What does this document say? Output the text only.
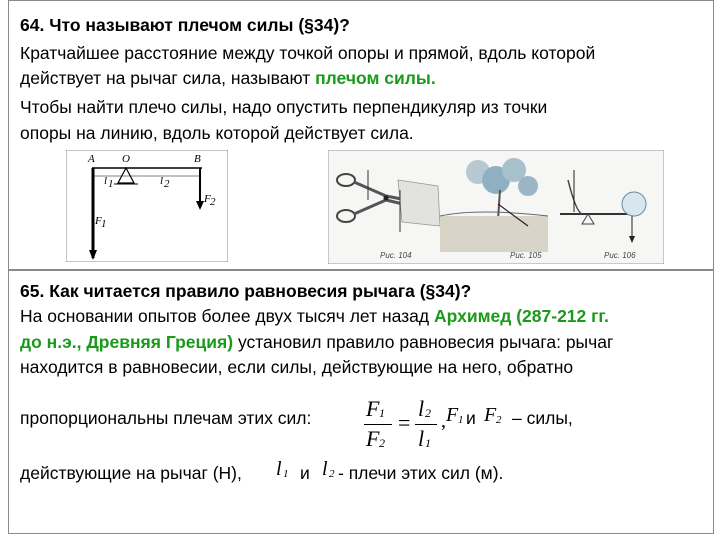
64. Что называют плечом силы (§34)?
Кратчайшее расстояние между точкой опоры и прямой, вдоль которой
действует на рычаг сила, называют плечом силы.
Чтобы найти плечо силы, надо опустить перпендикуляр из точки
опоры на линию, вдоль которой действует сила.
A O	B
l 1	l 2
F 1
F 2
Рис. 104	Рис. 105	Рис. 106
65. Как читается правило равновесия рычага (§34)?
На основании опытов более двух тысяч лет назад Архимед (287-212 гг.
до н.э., Древняя Греция) установил правило равновесия рычага: рычаг
находится в равновесии, если силы, действующие на него, обратно
пропорциональны плечам этих сил: F 1
F 2
=
l 2
l 1
, F 1 и F 2 – силы,
действующие на рычаг (Н), l 1 и l 2 - плечи этих сил (м).
